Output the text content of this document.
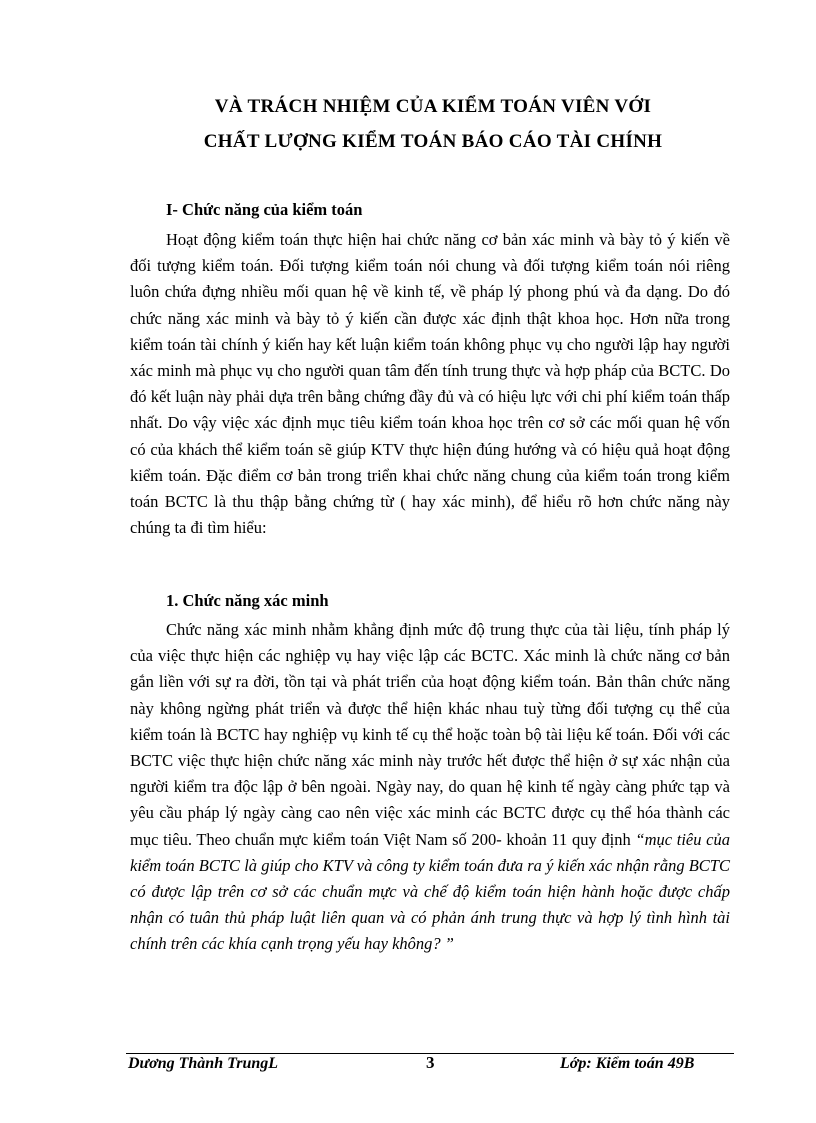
VÀ TRÁCH NHIỆM CỦA KIỂM TOÁN VIÊN VỚI
CHẤT LƯỢNG KIỂM TOÁN BÁO CÁO TÀI CHÍNH
I- Chức năng của kiểm toán

Hoạt động kiểm toán thực hiện hai chức năng cơ bản xác minh và bày tỏ ý kiến về đối tượng kiểm toán. Đối tượng kiểm toán nói chung và đối tượng kiểm toán nói riêng luôn chứa đựng nhiều mối quan hệ về kinh tế, về pháp lý phong phú và đa dạng. Do đó chức năng xác minh và bày tỏ ý kiến cần được xác định thật khoa học. Hơn nữa trong kiểm toán tài chính ý kiến hay kết luận kiểm toán không phục vụ cho người lập hay người xác minh mà phục vụ cho người quan tâm đến tính trung thực và hợp pháp của BCTC. Do đó kết luận này phải dựa trên bằng chứng đầy đủ và có hiệu lực với chi phí kiểm toán thấp nhất. Do vậy việc xác định mục tiêu kiểm toán khoa học trên cơ sở các mối quan hệ vốn có của khách thể kiểm toán sẽ giúp KTV thực hiện đúng hướng và có hiệu quả hoạt động kiểm toán. Đặc điểm cơ bản trong triển khai chức năng chung của kiểm toán trong kiểm toán BCTC là thu thập bằng chứng từ ( hay xác minh), để hiểu rõ hơn chức năng này chúng ta đi tìm hiểu:

1. Chức năng xác minh

Chức năng xác minh nhằm khẳng định mức độ trung thực của tài liệu, tính pháp lý của việc thực hiện các nghiệp vụ hay việc lập các BCTC. Xác minh là chức năng cơ bản gắn liền với sự ra đời, tồn tại và phát triển của hoạt động kiểm toán. Bản thân chức năng này không ngừng phát triển và được thể hiện khác nhau tuỳ từng đối tượng cụ thể của kiểm toán là BCTC hay nghiệp vụ kinh tế cụ thể hoặc toàn bộ tài liệu kế toán. Đối với các BCTC việc thực hiện chức năng xác minh này trước hết được thể hiện ở sự xác nhận của người kiểm tra độc lập ở bên ngoài. Ngày nay, do quan hệ kinh tế ngày càng phức tạp và yêu cầu pháp lý ngày càng cao nên việc xác minh các BCTC được cụ thể hóa thành các mục tiêu. Theo chuẩn mực kiểm toán Việt Nam số 200- khoản 11 quy định “mục tiêu của kiểm toán BCTC là giúp cho KTV và công ty kiểm toán đưa ra ý kiến xác nhận rằng BCTC có được lập trên cơ sở các chuẩn mực và chế độ kiểm toán hiện hành hoặc được chấp nhận có tuân thủ pháp luật liên quan và có phản ánh trung thực và hợp lý tình hình tài chính trên các khía cạnh trọng yếu hay không? ”

Dương Thành TrungL	3	Lớp: Kiểm toán 49B
